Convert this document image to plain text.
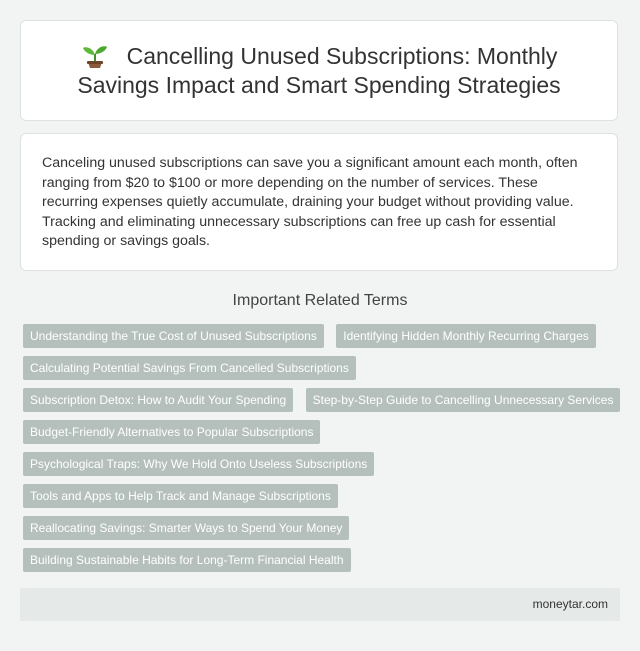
Cancelling Unused Subscriptions: Monthly
Savings Impact and Smart Spending Strategies

Canceling unused subscriptions can save you a significant amount each month, often ranging from $20 to $100 or more depending on the number of services. These recurring expenses quietly accumulate, draining your budget without providing value. Tracking and eliminating unnecessary subscriptions can free up cash for essential spending or savings goals.

Important Related Terms
Understanding the True Cost of Unused Subscriptions Identifying Hidden Monthly Recurring Charges
Calculating Potential Savings From Cancelled Subscriptions
Subscription Detox: How to Audit Your Spending Step-by-Step Guide to Cancelling Unnecessary Services
Budget-Friendly Alternatives to Popular Subscriptions
Psychological Traps: Why We Hold Onto Useless Subscriptions
Tools and Apps to Help Track and Manage Subscriptions
Reallocating Savings: Smarter Ways to Spend Your Money
Building Sustainable Habits for Long-Term Financial Health
moneytar.com
